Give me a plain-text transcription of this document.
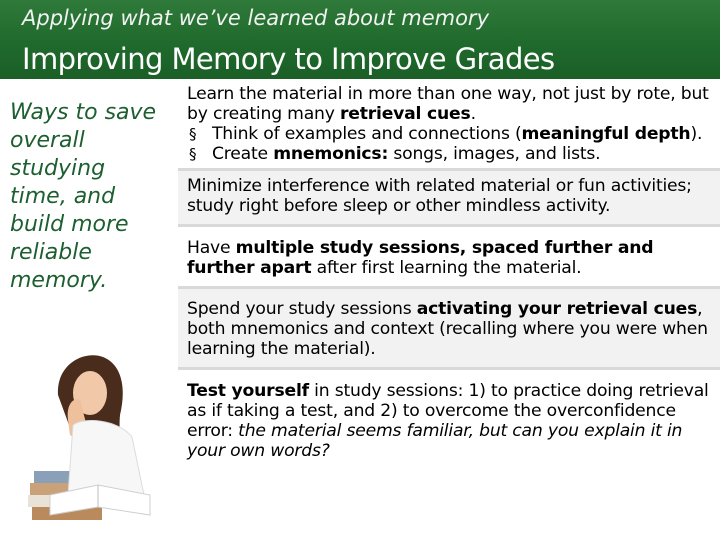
Applying what we’ve learned about memory
Improving Memory to Improve Grades
Ways to save overall studying time, and build more reliable memory.
Learn the material in more than one way, not just by rote, but by creating many retrieval cues.
§ Think of examples and connections (meaningful depth).
§ Create mnemonics: songs, images, and lists.
Minimize interference with related material or fun activities; study right before sleep or other mindless activity.
Have multiple study sessions, spaced further and further apart after first learning the material.
Spend your study sessions activating your retrieval cues, both mnemonics and context (recalling where you were when learning the material).
Test yourself in study sessions: 1) to practice doing retrieval as if taking a test, and 2) to overcome the overconfidence error: the material seems familiar, but can you explain it in your own words?
